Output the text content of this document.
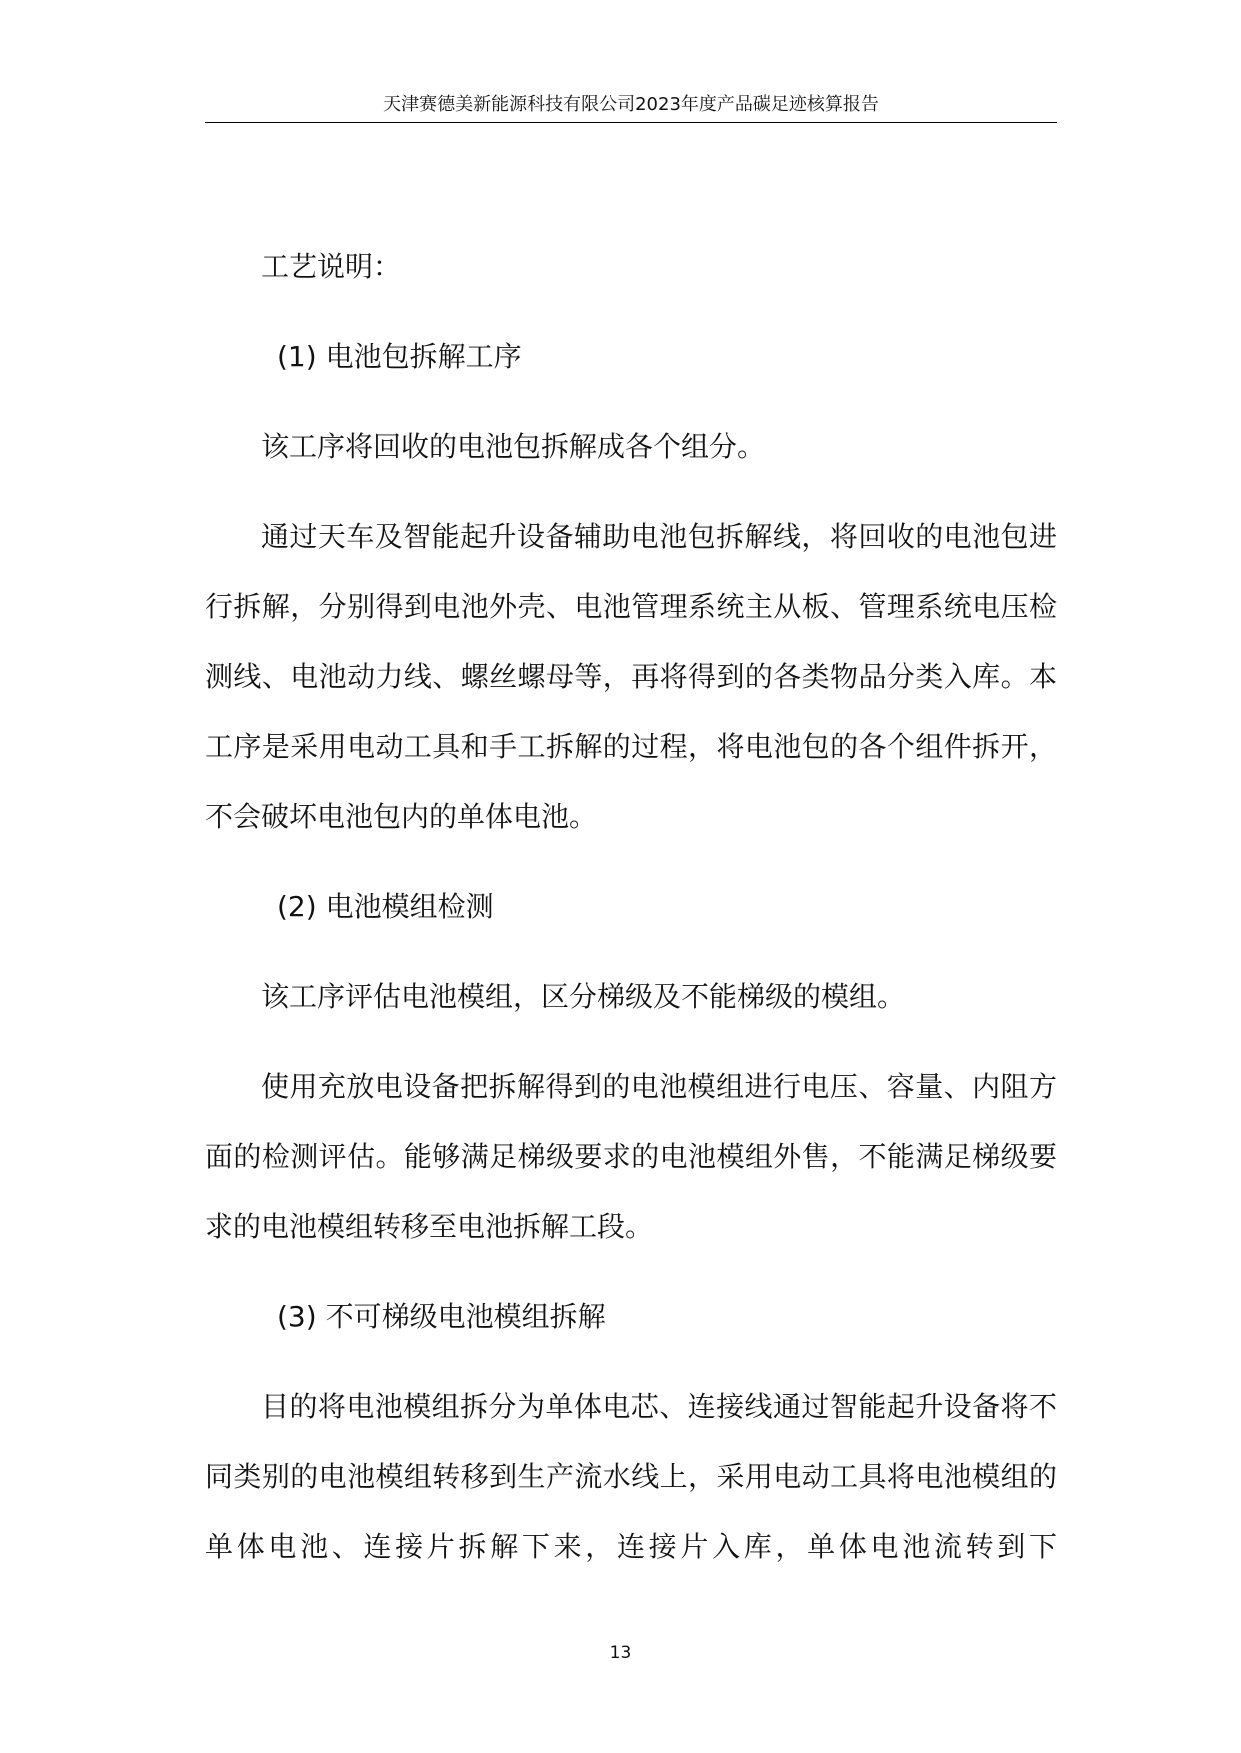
天津赛德美新能源科技有限公司2023年度产品碳足迹核算报告

工艺说明：

(1) 电池包拆解工序

该工序将回收的电池包拆解成各个组分。

通过天车及智能起升设备辅助电池包拆解线，将回收的电池包进行拆解，分别得到电池外壳、电池管理系统主从板、管理系统电压检测线、电池动力线、螺丝螺母等，再将得到的各类物品分类入库。本工序是采用电动工具和手工拆解的过程，将电池包的各个组件拆开，不会破坏电池包内的单体电池。

(2) 电池模组检测

该工序评估电池模组，区分梯级及不能梯级的模组。

使用充放电设备把拆解得到的电池模组进行电压、容量、内阻方面的检测评估。能够满足梯级要求的电池模组外售，不能满足梯级要求的电池模组转移至电池拆解工段。

(3) 不可梯级电池模组拆解

目的将电池模组拆分为单体电芯、连接线通过智能起升设备将不同类别的电池模组转移到生产流水线上，采用电动工具将电池模组的单体电池、连接片拆解下来，连接片入库，单体电池流转到下

13
